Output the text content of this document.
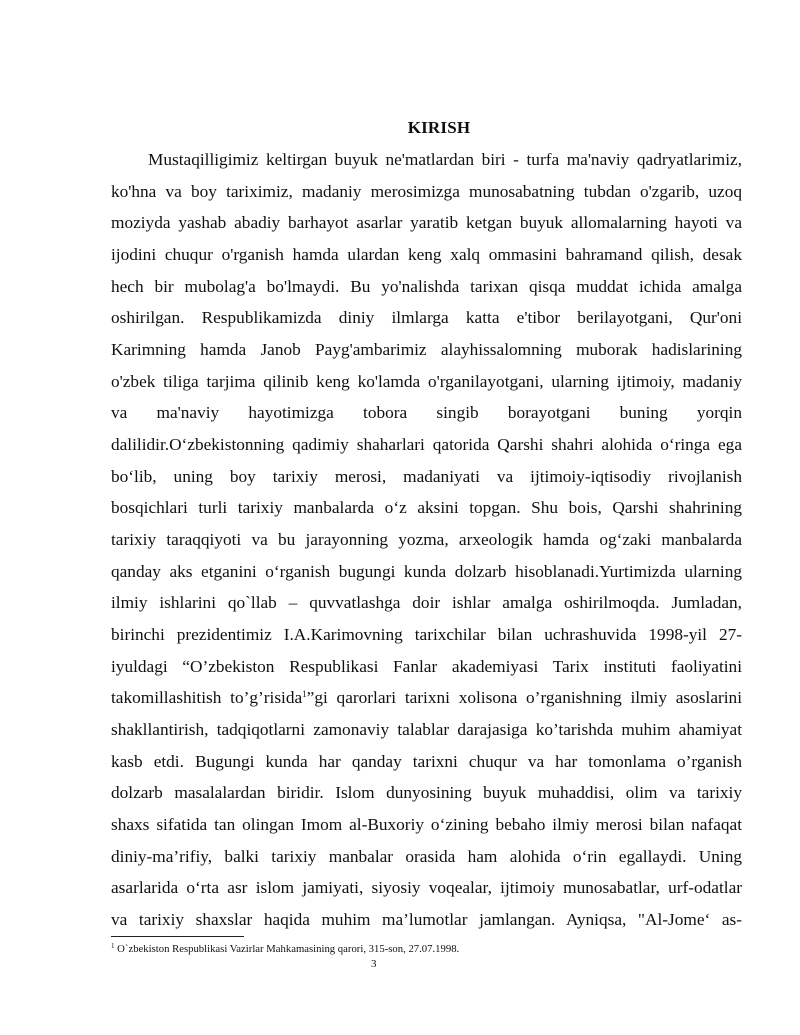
KIRISH
Mustaqilligimiz keltirgan buyuk ne'matlardan biri - turfa ma'naviy qadryatlarimiz,
ko'hna va boy tariximiz, madaniy merosimizga munosabatning tubdan o'zgarib, uzoq
moziyda yashab abadiy barhayot asarlar yaratib ketgan buyuk allomalarning hayoti va
ijodini chuqur o'rganish hamda ulardan keng xalq ommasini bahramand qilish, desak
hech bir mubolag'a bo'lmaydi. Bu yo'nalishda tarixan qisqa muddat ichida amalga
oshirilgan. Respublikamizda diniy ilmlarga katta e'tibor berilayotgani, Qur'oni
Karimning hamda Janob Payg'ambarimiz alayhissalomning muborak hadislarining
o'zbek tiliga tarjima qilinib keng ko'lamda o'rganilayotgani, ularning ijtimoiy, madaniy
va ma'naviy hayotimizga tobora singib borayotgani buning yorqin
dalilidir.O‘zbekistonning qadimiy shaharlari qatorida Qarshi shahri alohida o‘ringa ega
bo‘lib, uning boy tarixiy merosi, madaniyati va ijtimoiy-iqtisodiy rivojlanish
bosqichlari turli tarixiy manbalarda o‘z aksini topgan. Shu bois, Qarshi shahrining
tarixiy taraqqiyoti va bu jarayonning yozma, arxeologik hamda og‘zaki manbalarda
qanday aks etganini o‘rganish bugungi kunda dolzarb hisoblanadi.Yurtimizda ularning
ilmiy ishlarini qo`llab – quvvatlashga doir ishlar amalga oshirilmoqda. Jumladan,
birinchi prezidentimiz I.A.Karimovning tarixchilar bilan uchrashuvida 1998-yil 27-
iyuldagi “O’zbekiston Respublikasi Fanlar akademiyasi Tarix instituti faoliyatini
takomillashitish to’g’risida$^1$”gi qarorlari tarixni xolisona o’rganishning ilmiy asoslarini
shakllantirish, tadqiqotlarni zamonaviy talablar darajasiga ko’tarishda muhim ahamiyat
kasb etdi. Bugungi kunda har qanday tarixni chuqur va har tomonlama o’rganish
dolzarb masalalardan biridir. Islom dunyosining buyuk muhaddisi, olim va tarixiy
shaxs sifatida tan olingan Imom al-Buxoriy o‘zining bebaho ilmiy merosi bilan nafaqat
diniy-ma’rifiy, balki tarixiy manbalar orasida ham alohida o‘rin egallaydi. Uning
asarlarida o‘rta asr islom jamiyati, siyosiy voqealar, ijtimoiy munosabatlar, urf-odatlar
va tarixiy shaxslar haqida muhim ma’lumotlar jamlangan. Ayniqsa, "Al-Jome‘ as-
$^1$ O`zbekiston Respublikasi Vazirlar Mahkamasining qarori, 315-son, 27.07.1998.
3
